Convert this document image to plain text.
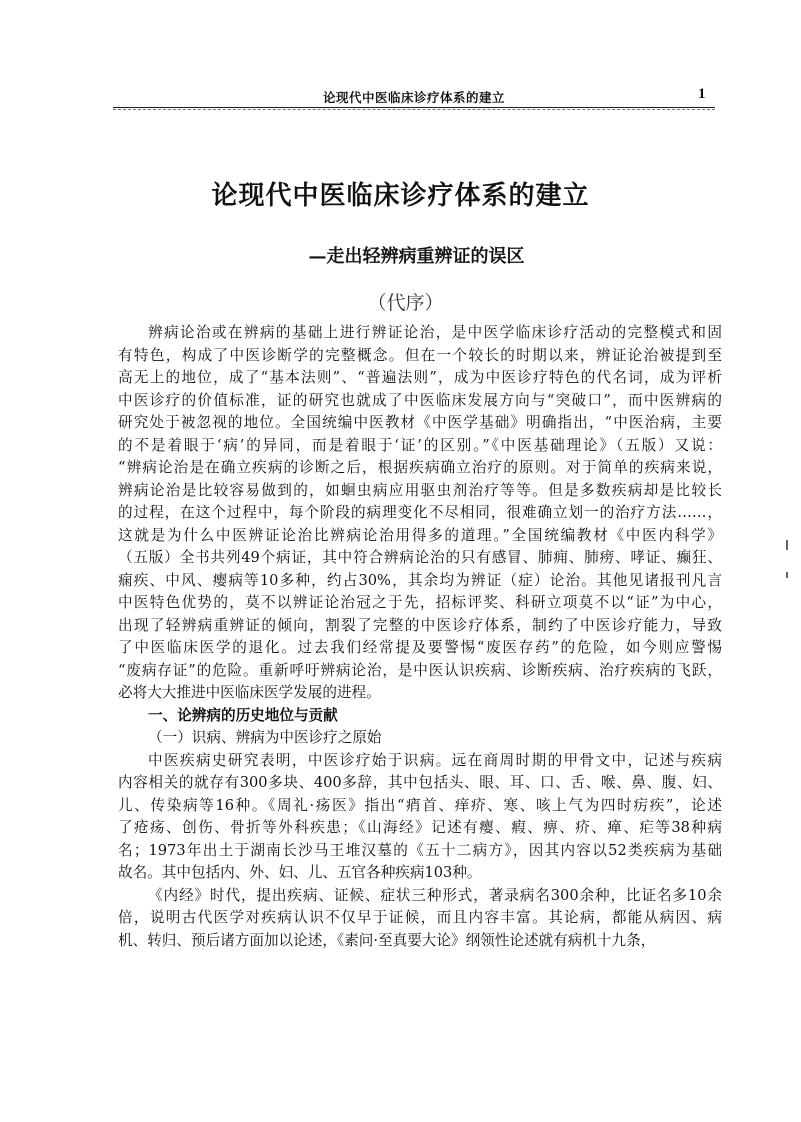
论现代中医临床诊疗体系的建立	1
论现代中医临床诊疗体系的建立
—走出轻辨病重辨证的误区
（代序）
辨病论治或在辨病的基础上进行辨证论治，是中医学临床诊疗活动的完整模式和固
有特色，构成了中医诊断学的完整概念。但在一个较长的时期以来，辨证论治被提到至
高无上的地位，成了“基本法则”、“普遍法则”，成为中医诊疗特色的代名词，成为评析
中医诊疗的价值标准，证的研究也就成了中医临床发展方向与“突破口”，而中医辨病的
研究处于被忽视的地位。全国统编中医教材《中医学基础》明确指出，“中医治病，主要
的不是着眼于‘病’的异同，而是着眼于‘证’的区别。”《中医基础理论》（五版）又说：
“辨病论治是在确立疾病的诊断之后，根据疾病确立治疗的原则。对于简单的疾病来说，
辨病论治是比较容易做到的，如蛔虫病应用驱虫剂治疗等等。但是多数疾病却是比较长
的过程，在这个过程中，每个阶段的病理变化不尽相同，很难确立划一的治疗方法……，
这就是为什么中医辨证论治比辨病论治用得多的道理。”全国统编教材《中医内科学》
（五版）全书共列49个病证，其中符合辨病论治的只有感冒、肺痈、肺痨、哮证、癫狂、
痫疾、中风、瘿病等10多种，约占30%，其余均为辨证（症）论治。其他见诸报刊凡言
中医特色优势的，莫不以辨证论治冠之于先，招标评奖、科研立项莫不以“证”为中心，
出现了轻辨病重辨证的倾向，割裂了完整的中医诊疗体系，制约了中医诊疗能力，导致
了中医临床医学的退化。过去我们经常提及要警惕“废医存药”的危险，如今则应警惕
“废病存证”的危险。重新呼吁辨病论治，是中医认识疾病、诊断疾病、治疗疾病的飞跃，
必将大大推进中医临床医学发展的进程。
一、论辨病的历史地位与贡献
（一）识病、辨病为中医诊疗之原始
中医疾病史研究表明，中医诊疗始于识病。远在商周时期的甲骨文中，记述与疾病
内容相关的就存有300多块、400多辞，其中包括头、眼、耳、口、舌、喉、鼻、腹、妇、
儿、传染病等16种。《周礼·疡医》指出“痟首、痒疥、寒、咳上气为四时疠疾”，论述
了疮疡、创伤、骨折等外科疾患；《山海经》记述有瘿、瘕、痹、疥、瘅、疟等38种病
名；1973年出土于湖南长沙马王堆汉墓的《五十二病方》，因其内容以52类疾病为基础
故名。其中包括内、外、妇、儿、五官各种疾病103种。
《内经》时代，提出疾病、证候、症状三种形式，著录病名300余种，比证名多10余
倍，说明古代医学对疾病认识不仅早于证候，而且内容丰富。其论病，都能从病因、病
机、转归、预后诸方面加以论述，《素问·至真要大论》纲领性论述就有病机十九条，
